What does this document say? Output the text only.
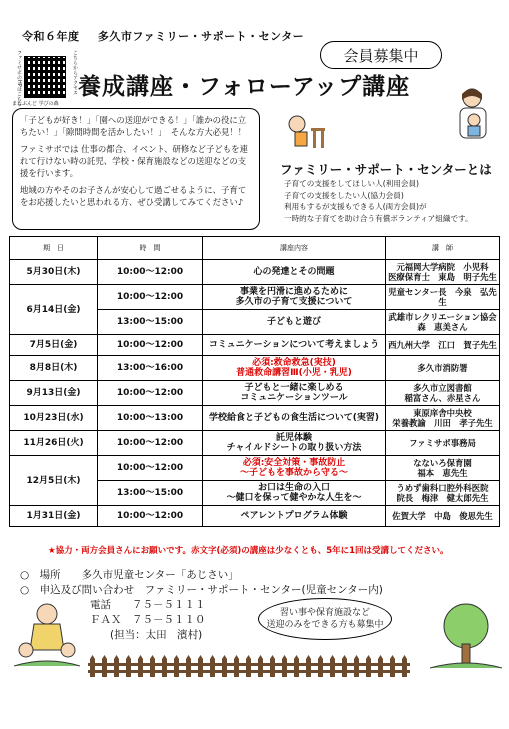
令和６年度 多久市ファミリー・サポート・センター
ファミサポのHPはこちら	こちらからアクセス
まなぶんど 学びの森
会員募集中
養成講座・フォローアップ講座

「子どもが好き！」「園への送迎ができる！」「誰かの役に立ちたい！」「隙間時間を活かしたい！」　そんな方大必見！！

ファミサポでは 仕事の都合、イベント、研修など子どもを連れて行けない時の託児、学校・保育施設などの送迎などの支援を行います。

地域の方やそのお子さんが安心して過ごせるように、子育てをお応援したいと思われる方、ぜひ受講してみてください♪

ファミリー・サポート・センターとは
子育ての支援をしてほしい人(利用会員)
子育ての支援をしたい人(協力会員)
利用もするが支援もできる人(両方会員)が
一時的な子育てを助け合う有償ボランティア組織です。
期　日	時　間	講座内容	講　師
5月30日(木)	10:00～12:00	心の発達とその問題	元福岡大学病院　小児科
医療保育士　東島　明子先生
6月14日(金)	10:00～12:00	事業を円滑に進めるために
多久市の子育て支援について	児童センター長　今泉　弘先生
	13:00～15:00	子どもと遊び	武雄市レクリエーション協会
森　恵美さん
7月5日(金)	10:00～12:00	コミュニケーションについて考えましょう	西九州大学　江口　賀子先生
8月8日(木)	13:00～16:00	必須:救命救急(実技)
普通救命講習Ⅲ(小児・乳児)	多久市消防署
9月13日(金)	10:00～12:00	子どもと一緒に楽しめる
コミュニケーションツール	多久市立図書館
稲富さん、赤星さん
10月23日(水)	10:00～13:00	学校給食と子どもの食生活について(実習)	東原庠舎中央校
栄養教諭　川田　孝子先生
11月26日(火)	10:00～12:00	託児体験
チャイルドシートの取り扱い方法	ファミサポ事務局
12月5日(木)	10:00～12:00	必須:安全対策・事故防止
～子どもを事故から守る～	なないろ保育園
福本　恵先生
	13:00～15:00	お口は生命の入口
～健口を保って健やかな人生を～	うめず歯科口腔外科医院
院長　梅津　健太郎先生
1月31日(金)	10:00～12:00	ペアレントプログラム体験	佐賀大学　中島　俊思先生
★協力・両方会員さんにお願いです。赤文字(必須)の講座は少なくとも、5年に1回は受講してください。
○　場所　　多久市児童センター「あじさい」
○　申込及び問い合わせ　ファミリー・サポート・センター(児童センター内)
電話　　７５－５１１１
ＦＡＸ　７５－５１１０
(担当：太田　濱村)
習い事や保育施設など
送迎のみをできる方も募集中
